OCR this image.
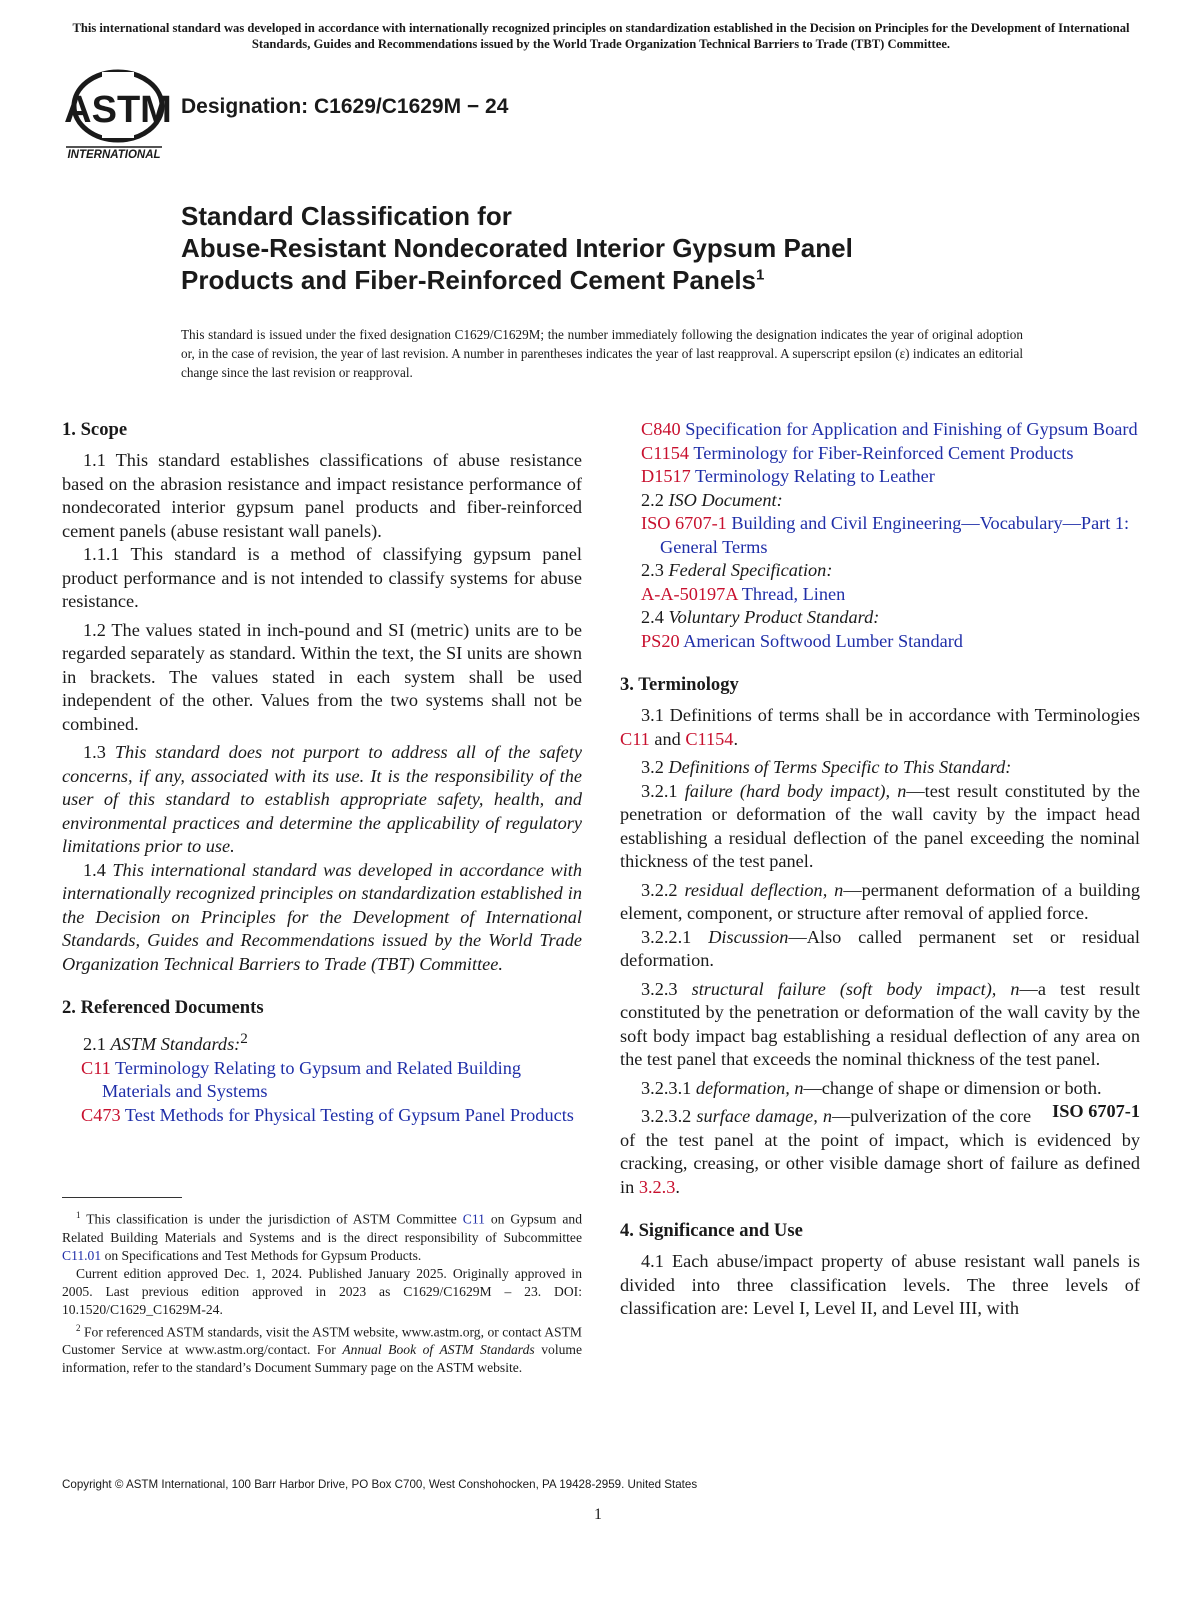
This international standard was developed in accordance with internationally recognized principles on standardization established in the Decision on Principles for the Development of International Standards, Guides and Recommendations issued by the World Trade Organization Technical Barriers to Trade (TBT) Committee.

ASTM
INTERNATIONAL

Designation: C1629/C1629M − 24

Standard Classification for
Abuse-Resistant Nondecorated Interior Gypsum Panel
Products and Fiber-Reinforced Cement Panels$^1$

This standard is issued under the fixed designation C1629/C1629M; the number immediately following the designation indicates the year of original adoption or, in the case of revision, the year of last revision. A number in parentheses indicates the year of last reapproval. A superscript epsilon (ε) indicates an editorial change since the last revision or reapproval.

1. Scope

1.1 This standard establishes classifications of abuse resistance based on the abrasion resistance and impact resistance performance of nondecorated interior gypsum panel products and fiber-reinforced cement panels (abuse resistant wall panels).

1.1.1 This standard is a method of classifying gypsum panel product performance and is not intended to classify systems for abuse resistance.

1.2 The values stated in inch-pound and SI (metric) units are to be regarded separately as standard. Within the text, the SI units are shown in brackets. The values stated in each system shall be used independent of the other. Values from the two systems shall not be combined.

1.3 This standard does not purport to address all of the safety concerns, if any, associated with its use. It is the responsibility of the user of this standard to establish appropriate safety, health, and environmental practices and determine the applicability of regulatory limitations prior to use.

1.4 This international standard was developed in accordance with internationally recognized principles on standardization established in the Decision on Principles for the Development of International Standards, Guides and Recommendations issued by the World Trade Organization Technical Barriers to Trade (TBT) Committee.

2. Referenced Documents

2.1 ASTM Standards:$^2$

C11 Terminology Relating to Gypsum and Related Building Materials and Systems

C473 Test Methods for Physical Testing of Gypsum Panel Products

C840 Specification for Application and Finishing of Gypsum Board

C1154 Terminology for Fiber-Reinforced Cement Products

D1517 Terminology Relating to Leather

2.2 ISO Document:

ISO 6707-1 Building and Civil Engineering—Vocabulary—Part 1: General Terms

2.3 Federal Specification:

A-A-50197A Thread, Linen

2.4 Voluntary Product Standard:

PS20 American Softwood Lumber Standard

3. Terminology

3.1 Definitions of terms shall be in accordance with Terminologies C11 and C1154.

3.2 Definitions of Terms Specific to This Standard:

3.2.1 failure (hard body impact), n—test result constituted by the penetration or deformation of the wall cavity by the impact head establishing a residual deflection of the panel exceeding the nominal thickness of the test panel.

3.2.2 residual deflection, n—permanent deformation of a building element, component, or structure after removal of applied force.

3.2.2.1 Discussion—Also called permanent set or residual deformation.

3.2.3 structural failure (soft body impact), n—a test result constituted by the penetration or deformation of the wall cavity by the soft body impact bag establishing a residual deflection of any area on the test panel that exceeds the nominal thickness of the test panel.

3.2.3.1 deformation, n—change of shape or dimension or both.
ISO 6707-1

3.2.3.2 surface damage, n—pulverization of the core of the test panel at the point of impact, which is evidenced by cracking, creasing, or other visible damage short of failure as defined in 3.2.3.

4. Significance and Use

4.1 Each abuse/impact property of abuse resistant wall panels is divided into three classification levels. The three levels of classification are: Level I, Level II, and Level III, with

$^1$ This classification is under the jurisdiction of ASTM Committee C11 on Gypsum and Related Building Materials and Systems and is the direct responsibility of Subcommittee C11.01 on Specifications and Test Methods for Gypsum Products.

Current edition approved Dec. 1, 2024. Published January 2025. Originally approved in 2005. Last previous edition approved in 2023 as C1629/C1629M – 23. DOI: 10.1520/C1629_C1629M-24.

$^2$ For referenced ASTM standards, visit the ASTM website, www.astm.org, or contact ASTM Customer Service at www.astm.org/contact. For Annual Book of ASTM Standards volume information, refer to the standard’s Document Summary page on the ASTM website.

Copyright © ASTM International, 100 Barr Harbor Drive, PO Box C700, West Conshohocken, PA 19428-2959. United States

1
